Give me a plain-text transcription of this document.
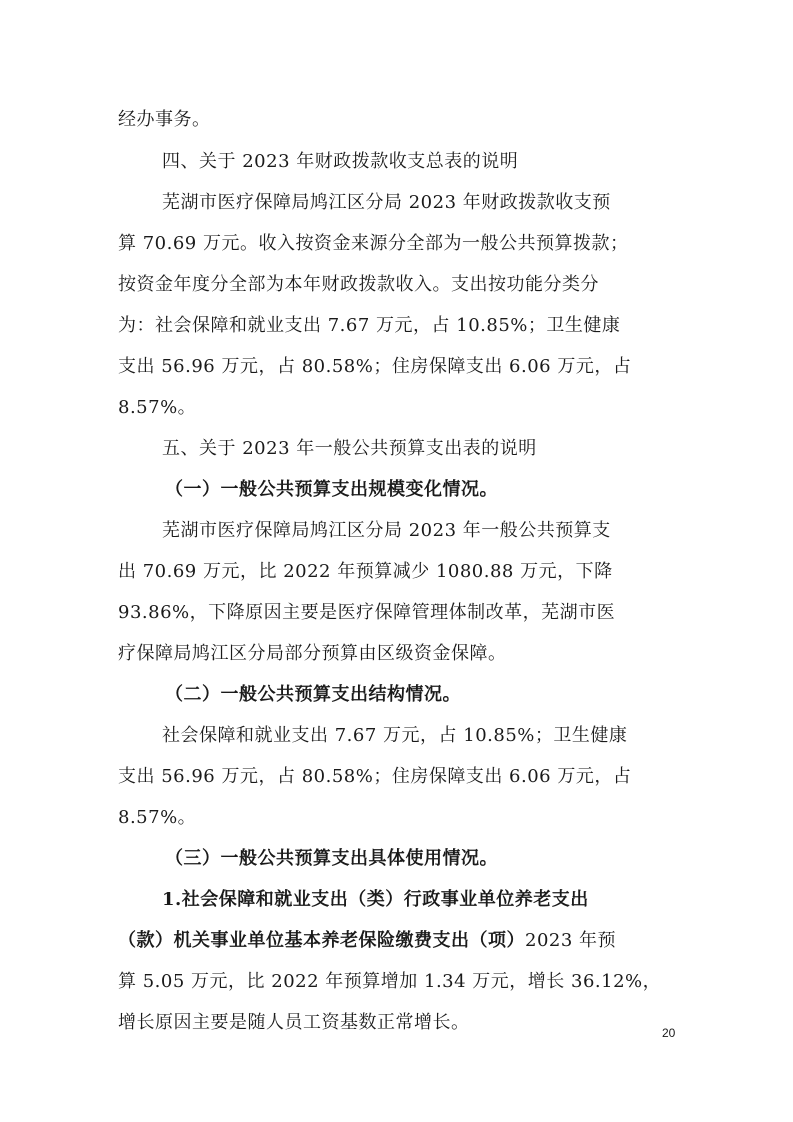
经办事务。
四、关于 2023 年财政拨款收支总表的说明
芜湖市医疗保障局鸠江区分局 2023 年财政拨款收支预
算 70.69 万元。收入按资金来源分全部为一般公共预算拨款；
按资金年度分全部为本年财政拨款收入。支出按功能分类分
为：社会保障和就业支出 7.67 万元，占 10.85%；卫生健康
支出 56.96 万元，占 80.58%；住房保障支出 6.06 万元，占
8.57%。
五、关于 2023 年一般公共预算支出表的说明
（一）一般公共预算支出规模变化情况。
芜湖市医疗保障局鸠江区分局 2023 年一般公共预算支
出 70.69 万元，比 2022 年预算减少 1080.88 万元，下降
93.86%，下降原因主要是医疗保障管理体制改革，芜湖市医
疗保障局鸠江区分局部分预算由区级资金保障。
（二）一般公共预算支出结构情况。
社会保障和就业支出 7.67 万元，占 10.85%；卫生健康
支出 56.96 万元，占 80.58%；住房保障支出 6.06 万元，占
8.57%。
（三）一般公共预算支出具体使用情况。
1.社会保障和就业支出（类）行政事业单位养老支出
（款）机关事业单位基本养老保险缴费支出（项）2023 年预
算 5.05 万元，比 2022 年预算增加 1.34 万元，增长 36.12%，
增长原因主要是随人员工资基数正常增长。	20
